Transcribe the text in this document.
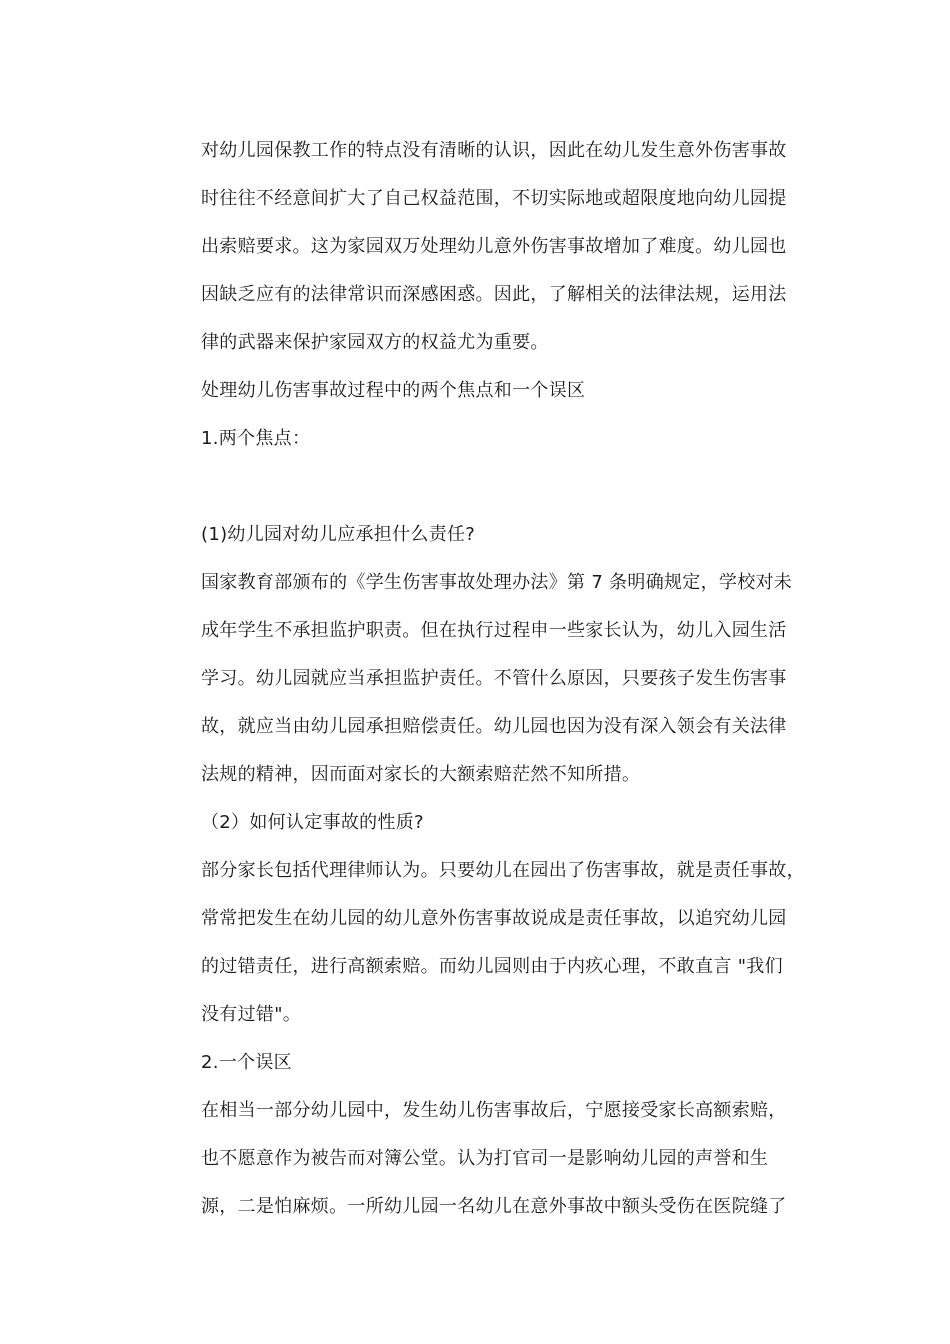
对幼儿园保教工作的特点没有清晰的认识，因此在幼儿发生意外伤害事故
时往往不经意间扩大了自己权益范围，不切实际地或超限度地向幼儿园提
出索赔要求。这为家园双万处理幼儿意外伤害事故增加了难度。幼儿园也
因缺乏应有的法律常识而深感困惑。因此，了解相关的法律法规，运用法
律的武器来保护家园双方的权益尤为重要。
处理幼儿伤害事故过程中的两个焦点和一个误区
1.两个焦点：
(1)幼儿园对幼儿应承担什么责任?
国家教育部颁布的《学生伤害事故处理办法》第 7 条明确规定，学校对未
成年学生不承担监护职责。但在执行过程申一些家长认为，幼儿入园生活
学习。幼儿园就应当承担监护责任。不管什么原因，只要孩子发生伤害事
故，就应当由幼儿园承担赔偿责任。幼儿园也因为没有深入领会有关法律
法规的精神，因而面对家长的大额索赔茫然不知所措。
（2）如何认定事故的性质?
部分家长包括代理律师认为。只要幼儿在园出了伤害事故，就是责任事故，
常常把发生在幼儿园的幼儿意外伤害事故说成是责任事故，以追究幼儿园
的过错责任，进行高额索赔。而幼儿园则由于内疚心理，不敢直言 "我们
没有过错"。
2.一个误区
在相当一部分幼儿园中，发生幼儿伤害事故后，宁愿接受家长高额索赔，
也不愿意作为被告而对簿公堂。认为打官司一是影响幼儿园的声誉和生
源，二是怕麻烦。一所幼儿园一名幼儿在意外事故中额头受伤在医院缝了
